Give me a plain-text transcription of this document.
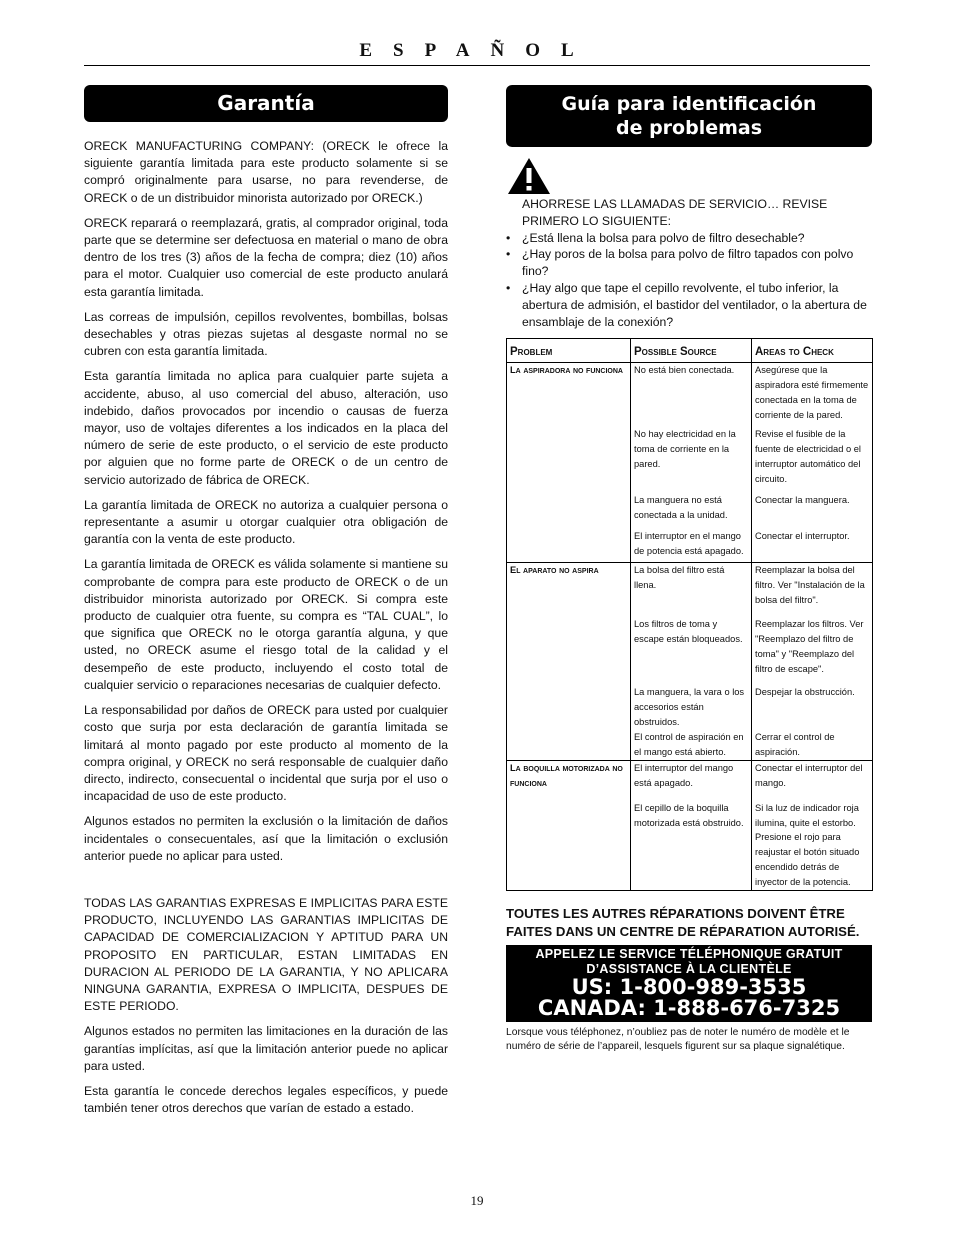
ESPAÑOL
Garantía

ORECK MANUFACTURING COMPANY: (ORECK le ofrece la siguiente garantía limitada para este producto solamente si se compró originalmente para usarse, no para revenderse, de ORECK o de un distribuidor minorista autorizado por ORECK.)

ORECK reparará o reemplazará, gratis, al comprador original, toda parte que se determine ser defectuosa en material o mano de obra dentro de los tres (3) años de la fecha de compra; diez (10) años para el motor. Cualquier uso comercial de este producto anulará esta garantía limitada.

Las correas de impulsión, cepillos revolventes, bombillas, bolsas desechables y otras piezas sujetas al desgaste normal no se cubren con esta garantía limitada.

Esta garantía limitada no aplica para cualquier parte sujeta a accidente, abuso, al uso comercial del abuso, alteración, uso indebido, daños provocados por incendio o causas de fuerza mayor, uso de voltajes diferentes a los indicados en la placa del número de serie de este producto, o el servicio de este producto por alguien que no forme parte de ORECK o de un centro de servicio autorizado de fábrica de ORECK.

La garantía limitada de ORECK no autoriza a cualquier persona o representante a asumir u otorgar cualquier otra obligación de garantía con la venta de este producto.

La garantía limitada de ORECK es válida solamente si mantiene su comprobante de compra para este producto de ORECK o de un distribuidor minorista autorizado por ORECK. Si compra este producto de cualquier otra fuente, su compra es “TAL CUAL”, lo que significa que ORECK no le otorga garantía alguna, y que usted, no ORECK asume el riesgo total de la calidad y el desempeño de este producto, incluyendo el costo total de cualquier servicio o reparaciones necesarias de cualquier defecto.

La responsabilidad por daños de ORECK para usted por cualquier costo que surja por esta declaración de garantía limitada se limitará al monto pagado por este producto al momento de la compra original, y ORECK no será responsable de cualquier daño directo, indirecto, consecuental o incidental que surja por el uso o incapacidad de uso de este producto.

Algunos estados no permiten la exclusión o la limitación de daños incidentales o consecuentales, así que la limitación o exclusión anterior puede no aplicar para usted.

TODAS LAS GARANTIAS EXPRESAS E IMPLICITAS PARA ESTE PRODUCTO, INCLUYENDO LAS GARANTIAS IMPLICITAS DE CAPACIDAD DE COMERCIALIZACION Y APTITUD PARA UN PROPOSITO EN PARTICULAR, ESTAN LIMITADAS EN DURACION AL PERIODO DE LA GARANTIA, Y NO APLICARA NINGUNA GARANTIA, EXPRESA O IMPLICITA, DESPUES DE ESTE PERIODO.

Algunos estados no permiten las limitaciones en la duración de las garantías implícitas, así que la limitación anterior puede no aplicar para usted.

Esta garantía le concede derechos legales específicos, y puede también tener otros derechos que varían de estado a estado.

Guía para identificación
de problemas
AHORRESE LAS LLAMADAS DE SERVICIO… REVISE PRIMERO LO SIGUIENTE:
• ¿Está llena la bolsa para polvo de filtro desechable?
• ¿Hay poros de la bolsa para polvo de filtro tapados con polvo fino?
• ¿Hay algo que tape el cepillo revolvente, el tubo inferior, la abertura de admisión, el bastidor del ventilador, o la abertura de ensamblaje de la conexión?
Problem	Possible Source	Areas to Check
La aspiradora no funciona	No está bien conectada.	Asegúrese que la aspiradora esté firmemente conectada en la toma de corriente de la pared.
	No hay electricidad en la toma de corriente en la pared.	Revise el fusible de la fuente de electricidad o el interruptor automático del circuito.
	La manguera no está conectada a la unidad.	Conectar la manguera.
	El interruptor en el mango de potencia está apagado.	Conectar el interruptor.
El aparato no aspira	La bolsa del filtro está llena.	Reemplazar la bolsa del filtro. Ver "Instalación de la bolsa del filtro".
	Los filtros de toma y escape están bloqueados.	Reemplazar los filtros. Ver "Reemplazo del filtro de toma" y "Reemplazo del filtro de escape".
	La manguera, la vara o los accesorios están obstruidos.	Despejar la obstrucción.
	El control de aspiración en el mango está abierto.	Cerrar el control de aspiración.
La boquilla motorizada no funciona	El interruptor del mango está apagado.	Conectar el interruptor del mango.
	El cepillo de la boquilla motorizada está obstruido.	Si la luz de indicador roja ilumina, quite el estorbo. Presione el rojo para reajustar el botón situado encendido detrás de inyector de la potencia.
TOUTES LES AUTRES RÉPARATIONS DOIVENT ÊTRE
FAITES DANS UN CENTRE DE RÉPARATION AUTORISÉ.
APPELEZ LE SERVICE TÉLÉPHONIQUE GRATUIT
D’ASSISTANCE À LA CLIENTÈLE
US: 1-800-989-3535
CANADA: 1-888-676-7325
Lorsque vous téléphonez, n’oubliez pas de noter le numéro de modèle et le numéro de série de l’appareil, lesquels figurent sur sa plaque signalétique.
19
